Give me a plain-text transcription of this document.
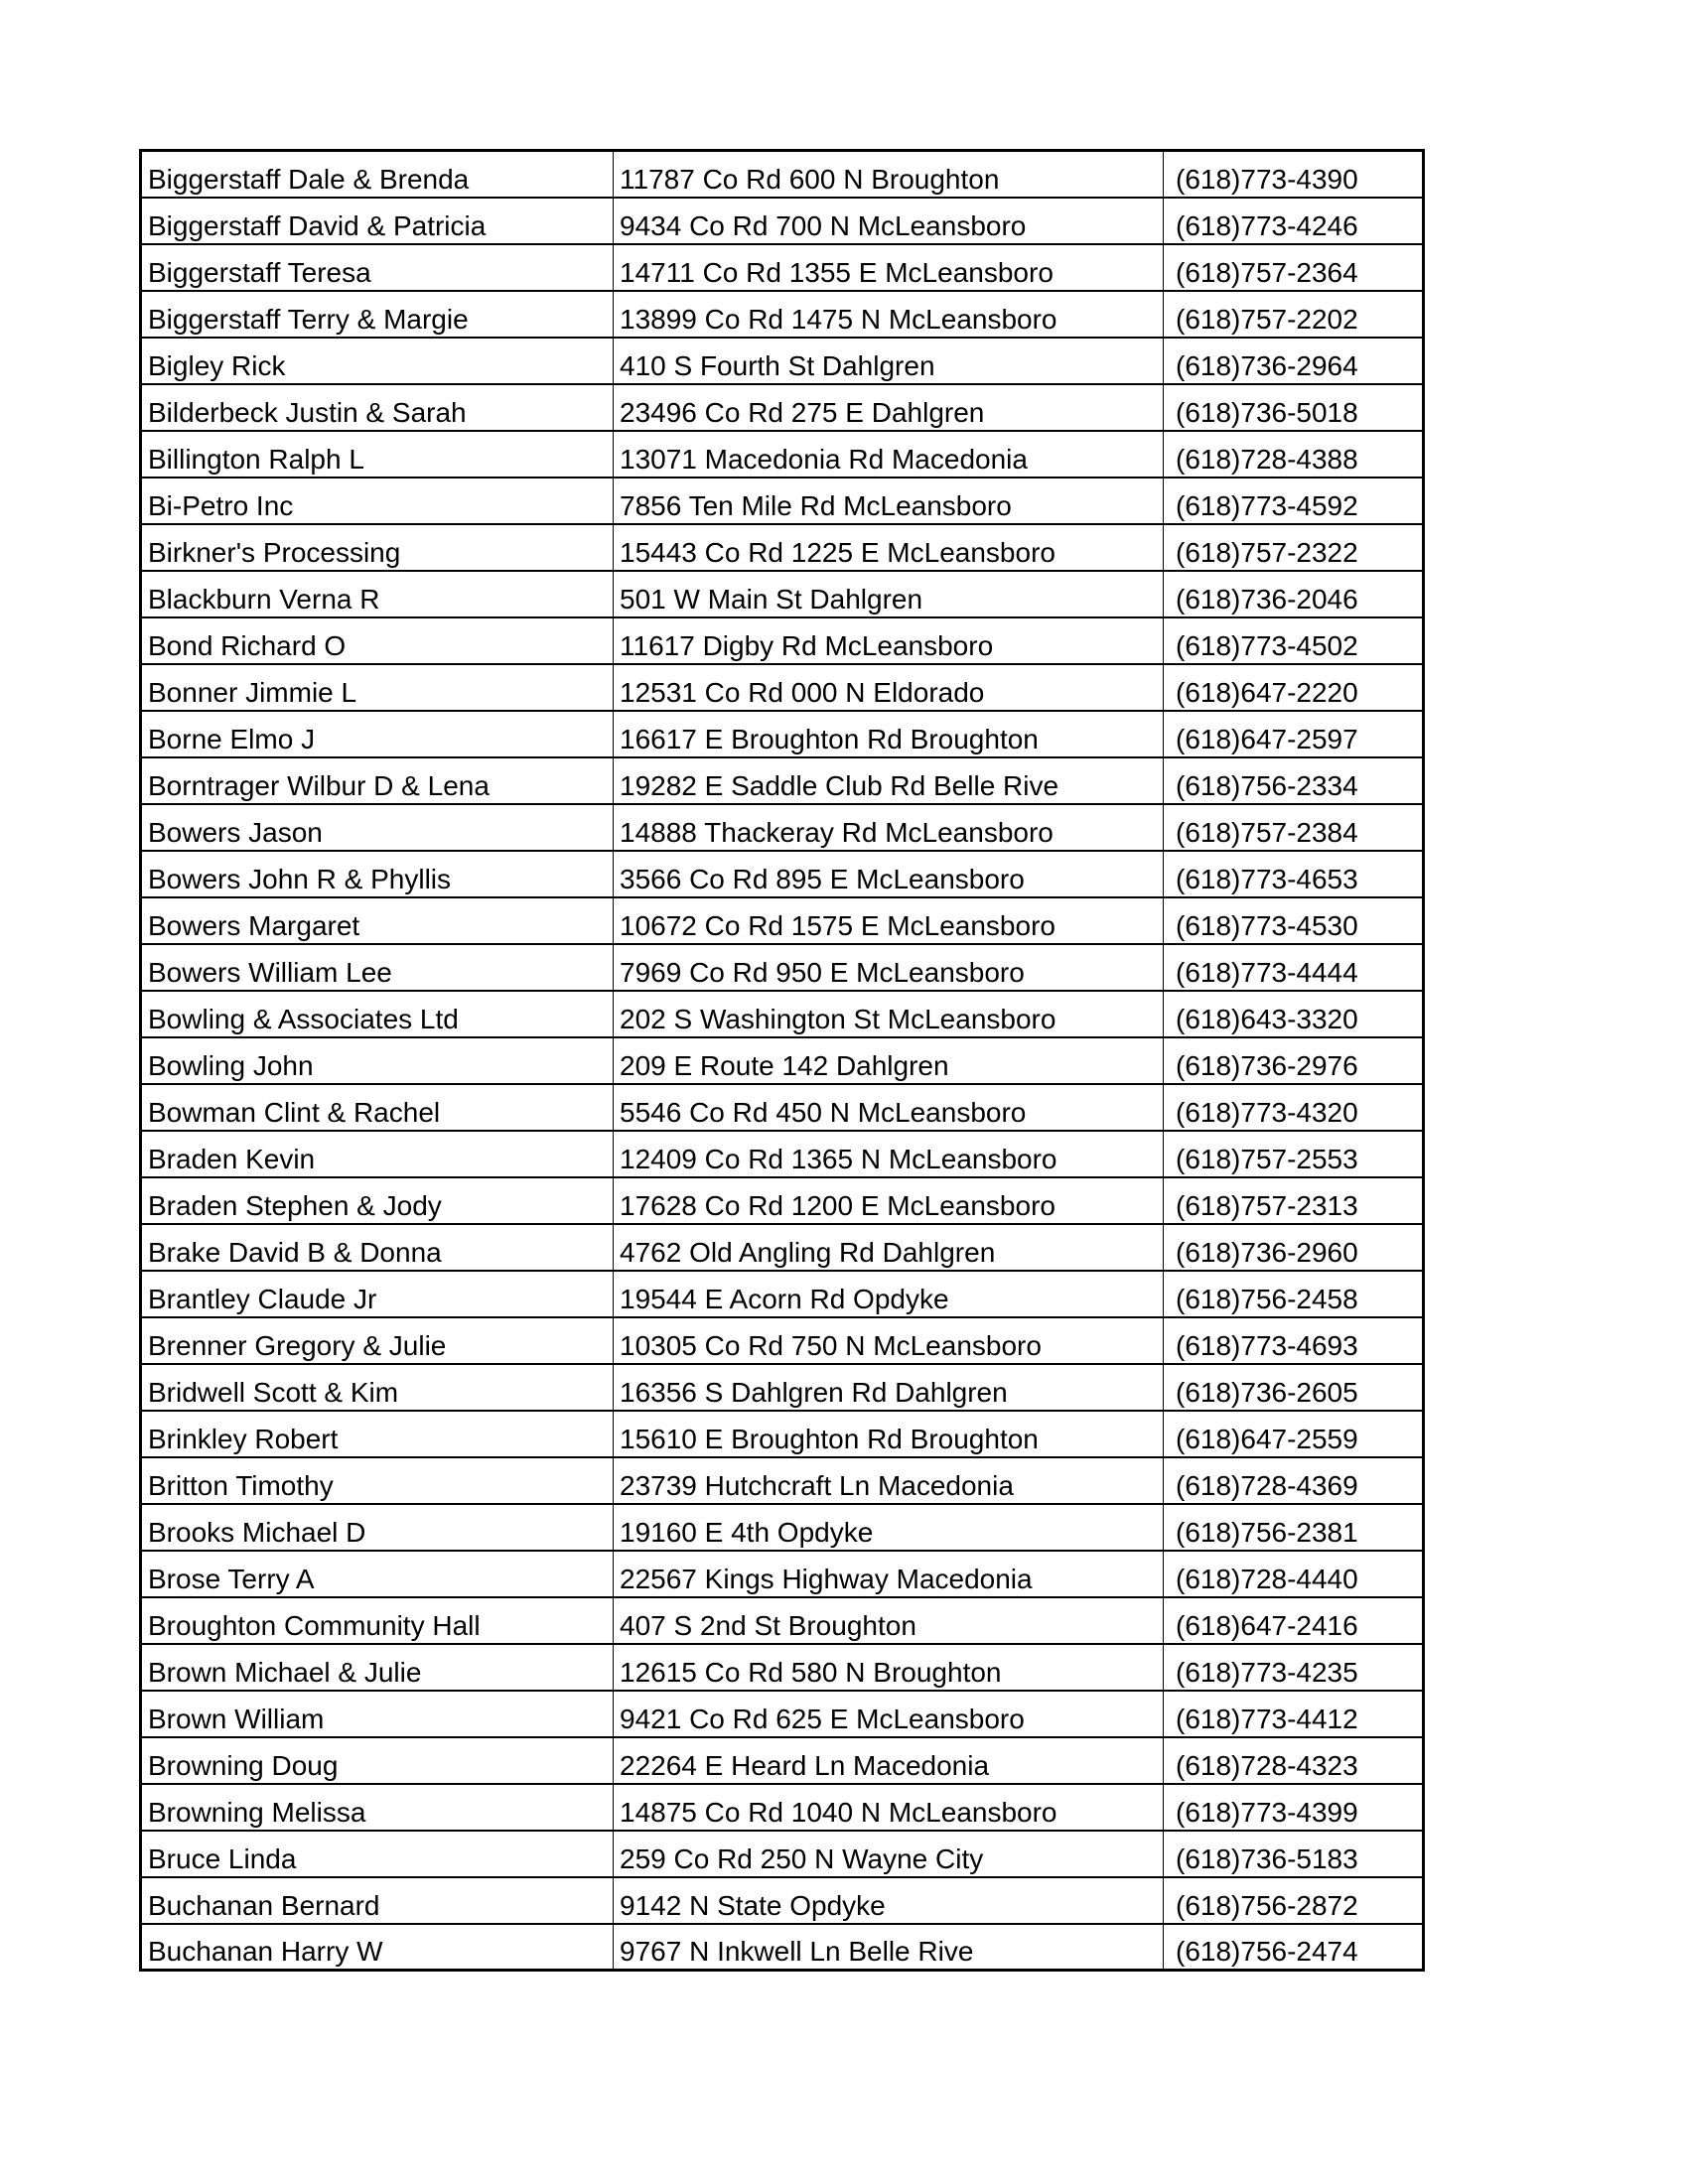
Biggerstaff Dale & Brenda	11787 Co Rd 600 N Broughton	(618)773-4390
Biggerstaff David & Patricia	9434 Co Rd 700 N McLeansboro	(618)773-4246
Biggerstaff Teresa	14711 Co Rd 1355 E McLeansboro	(618)757-2364
Biggerstaff Terry & Margie	13899 Co Rd 1475 N McLeansboro	(618)757-2202
Bigley Rick	410 S Fourth St Dahlgren	(618)736-2964
Bilderbeck Justin & Sarah	23496 Co Rd 275 E Dahlgren	(618)736-5018
Billington Ralph L	13071 Macedonia Rd Macedonia	(618)728-4388
Bi-Petro Inc	7856 Ten Mile Rd McLeansboro	(618)773-4592
Birkner's Processing	15443 Co Rd 1225 E McLeansboro	(618)757-2322
Blackburn Verna R	501 W Main St Dahlgren	(618)736-2046
Bond Richard O	11617 Digby Rd McLeansboro	(618)773-4502
Bonner Jimmie L	12531 Co Rd 000 N Eldorado	(618)647-2220
Borne Elmo J	16617 E Broughton Rd Broughton	(618)647-2597
Borntrager Wilbur D & Lena	19282 E Saddle Club Rd Belle Rive	(618)756-2334
Bowers Jason	14888 Thackeray Rd McLeansboro	(618)757-2384
Bowers John R & Phyllis	3566 Co Rd 895 E McLeansboro	(618)773-4653
Bowers Margaret	10672 Co Rd 1575 E McLeansboro	(618)773-4530
Bowers William Lee	7969 Co Rd 950 E McLeansboro	(618)773-4444
Bowling & Associates Ltd	202 S Washington St McLeansboro	(618)643-3320
Bowling John	209 E Route 142 Dahlgren	(618)736-2976
Bowman Clint & Rachel	5546 Co Rd 450 N McLeansboro	(618)773-4320
Braden Kevin	12409 Co Rd 1365 N McLeansboro	(618)757-2553
Braden Stephen & Jody	17628 Co Rd 1200 E McLeansboro	(618)757-2313
Brake David B & Donna	4762 Old Angling Rd Dahlgren	(618)736-2960
Brantley Claude Jr	19544 E Acorn Rd Opdyke	(618)756-2458
Brenner Gregory & Julie	10305 Co Rd 750 N McLeansboro	(618)773-4693
Bridwell Scott & Kim	16356 S Dahlgren Rd Dahlgren	(618)736-2605
Brinkley Robert	15610 E Broughton Rd Broughton	(618)647-2559
Britton Timothy	23739 Hutchcraft Ln Macedonia	(618)728-4369
Brooks Michael D	19160 E 4th Opdyke	(618)756-2381
Brose Terry A	22567 Kings Highway Macedonia	(618)728-4440
Broughton Community Hall	407 S 2nd St Broughton	(618)647-2416
Brown Michael & Julie	12615 Co Rd 580 N Broughton	(618)773-4235
Brown William	9421 Co Rd 625 E McLeansboro	(618)773-4412
Browning Doug	22264 E Heard Ln Macedonia	(618)728-4323
Browning Melissa	14875 Co Rd 1040 N McLeansboro	(618)773-4399
Bruce Linda	259 Co Rd 250 N Wayne City	(618)736-5183
Buchanan Bernard	9142 N State Opdyke	(618)756-2872
Buchanan Harry W	9767 N Inkwell Ln Belle Rive	(618)756-2474
